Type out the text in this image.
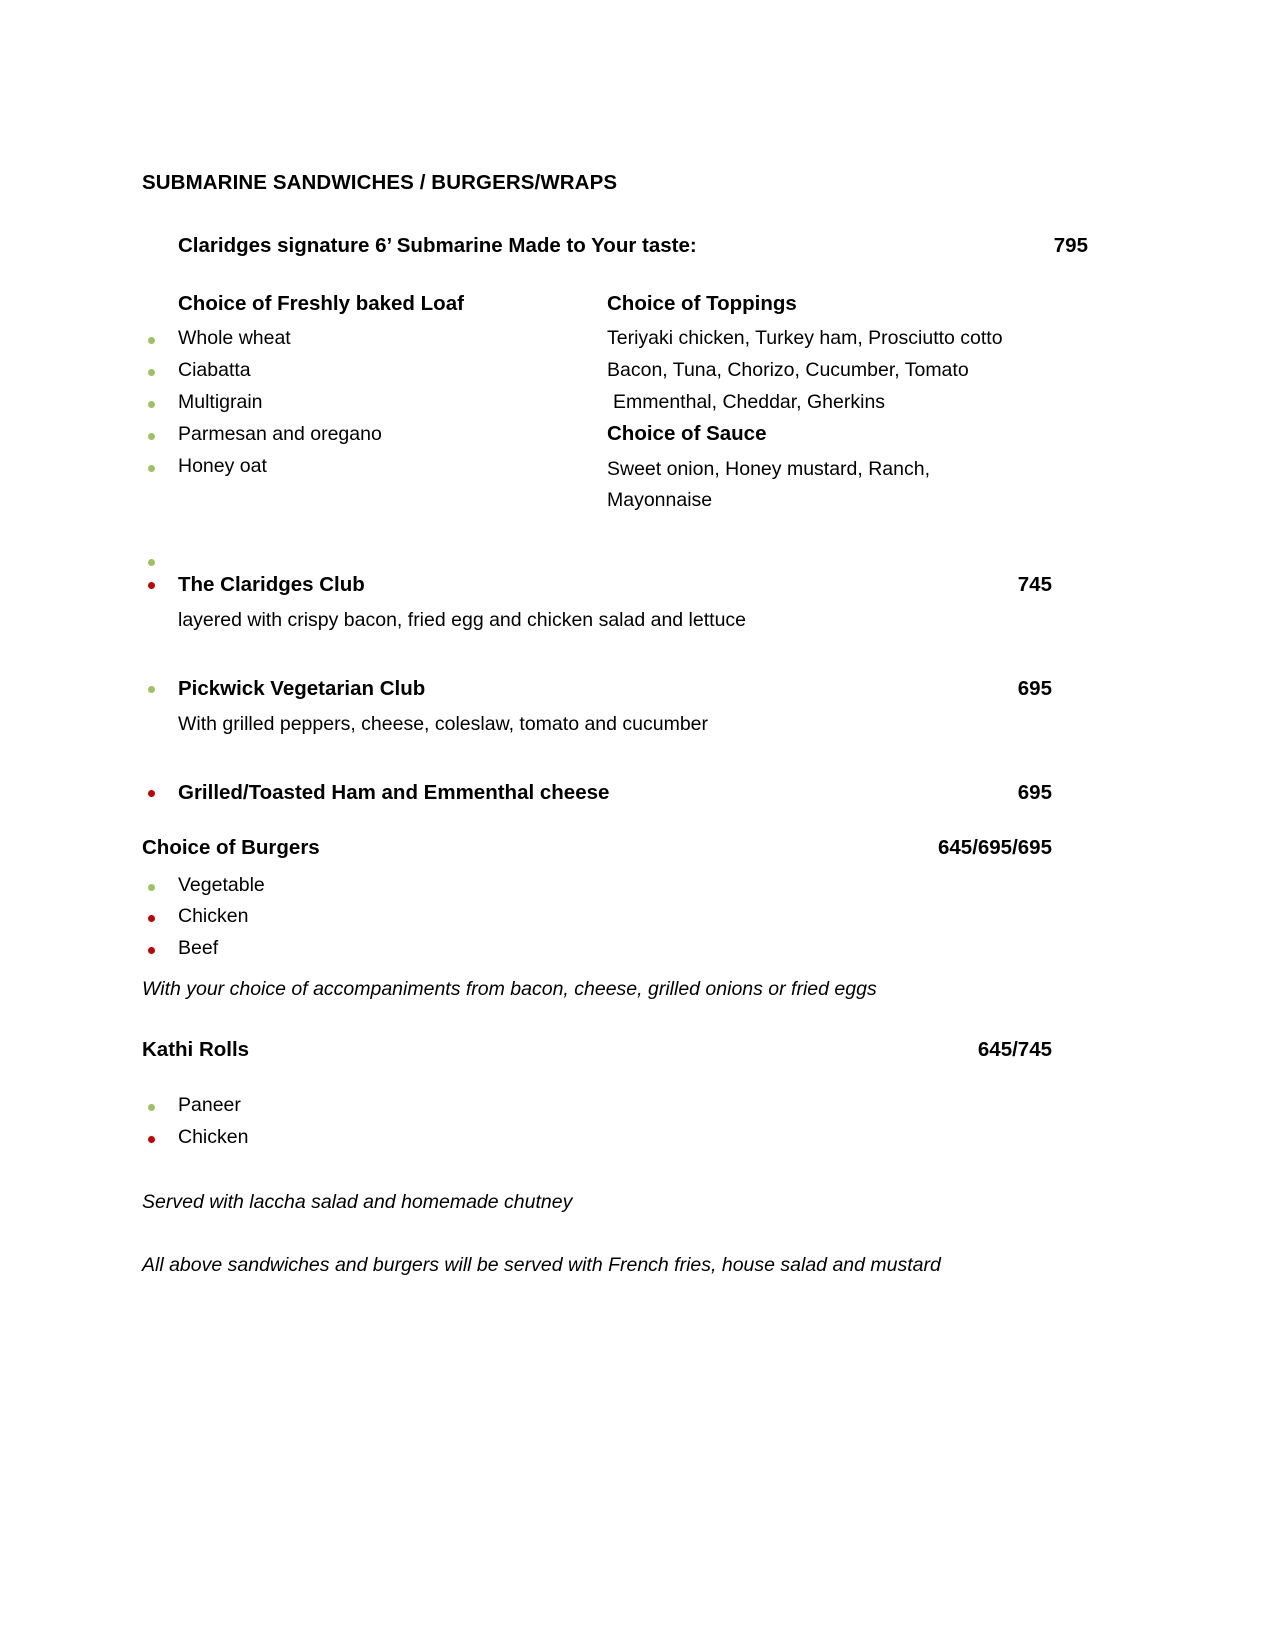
SUBMARINE SANDWICHES / BURGERS/WRAPS
Claridges signature 6’ Submarine Made to Your taste:	795
Choice of Freshly baked Loaf
Whole wheat
Ciabatta
Multigrain
Parmesan and oregano
Honey oat
Choice of Toppings
Teriyaki chicken, Turkey ham, Prosciutto cotto
Bacon, Tuna, Chorizo, Cucumber, Tomato
Emmenthal, Cheddar, Gherkins
Choice of Sauce
Sweet onion, Honey mustard, Ranch,
Mayonnaise
The Claridges Club	745
layered with crispy bacon, fried egg and chicken salad and lettuce
Pickwick Vegetarian Club	695
With grilled peppers, cheese, coleslaw, tomato and cucumber
Grilled/Toasted Ham and Emmenthal cheese	695
Choice of Burgers	645/695/695
Vegetable
Chicken
Beef
With your choice of accompaniments from bacon, cheese, grilled onions or fried eggs
Kathi Rolls	645/745
Paneer
Chicken
Served with laccha salad and homemade chutney
All above sandwiches and burgers will be served with French fries, house salad and mustard
